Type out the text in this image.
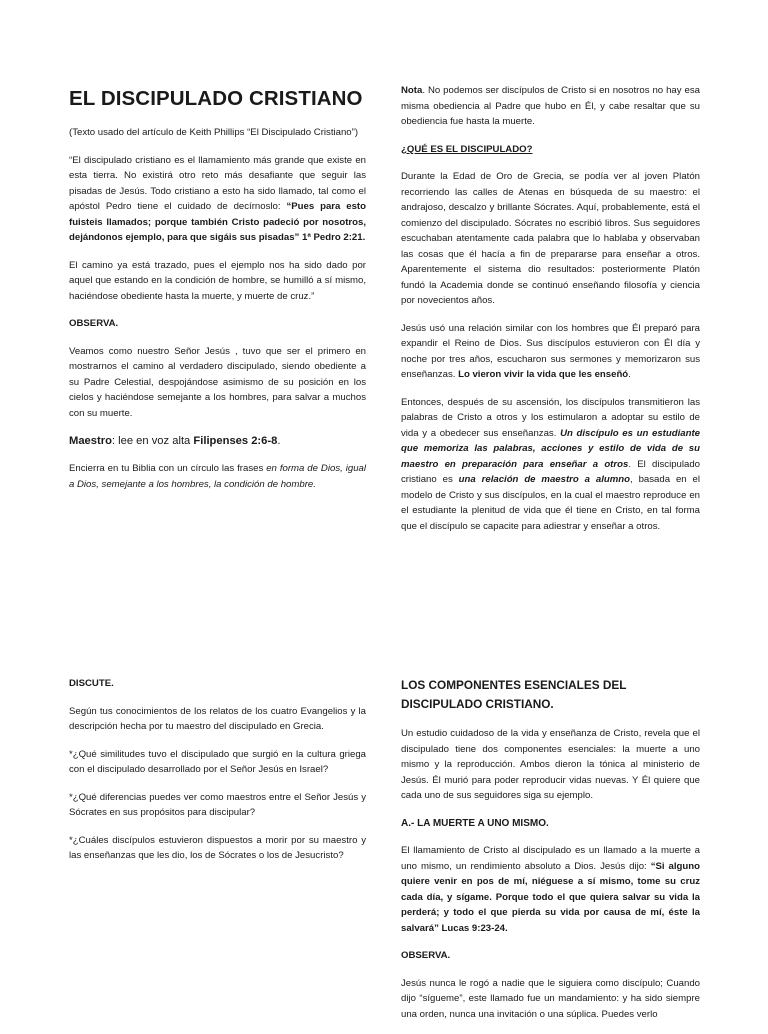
EL DISCIPULADO CRISTIANO

(Texto usado del artículo de Keith Phillips “El Discipulado Cristiano”)

“El discipulado cristiano es el llamamiento más grande que existe en esta tierra. No existirá otro reto más desafiante que seguir las pisadas de Jesús. Todo cristiano a esto ha sido llamado, tal como el apóstol Pedro tiene el cuidado de decírnoslo: “Pues para esto fuisteis llamados; porque también Cristo padeció por nosotros, dejándonos ejemplo, para que sigáis sus pisadas” 1ª Pedro 2:21.

El camino ya está trazado, pues el ejemplo nos ha sido dado por aquel que estando en la condición de hombre, se humilló a sí mismo, haciéndose obediente hasta la muerte, y muerte de cruz.”

OBSERVA.

Veamos como nuestro Señor Jesús , tuvo que ser el primero en mostrarnos el camino al verdadero discipulado, siendo obediente a su Padre Celestial, despojándose asimismo de su posición en los cielos y haciéndose semejante a los hombres, para salvar a muchos con su muerte.

Maestro: lee en voz alta Filipenses 2:6-8.

Encierra en tu Biblia con un círculo las frases en forma de Dios, igual a Dios, semejante a los hombres, la condición de hombre.

Nota. No podemos ser discípulos de Cristo si en nosotros no hay esa misma obediencia al Padre que hubo en Él, y cabe resaltar que su obediencia fue hasta la muerte.

¿QUÉ ES EL DISCIPULADO?

Durante la Edad de Oro de Grecia, se podía ver al joven Platón recorriendo las calles de Atenas en búsqueda de su maestro: el andrajoso, descalzo y brillante Sócrates. Aquí, probablemente, está el comienzo del discipulado. Sócrates no escribió libros. Sus seguidores escuchaban atentamente cada palabra que lo hablaba y observaban las cosas que él hacía a fin de prepararse para enseñar a otros. Aparentemente el sistema dio resultados: posteriormente Platón fundó la Academia donde se continuó enseñando filosofía y ciencia por novecientos años.

Jesús usó una relación similar con los hombres que Él preparó para expandir el Reino de Dios. Sus discípulos estuvieron con Él día y noche por tres años, escucharon sus sermones y memorizaron sus enseñanzas. Lo vieron vivir la vida que les enseñó.

Entonces, después de su ascensión, los discípulos transmitieron las palabras de Cristo a otros y los estimularon a adoptar su estilo de vida y a obedecer sus enseñanzas. Un discípulo es un estudiante que memoriza las palabras, acciones y estilo de vida de su maestro en preparación para enseñar a otros. El discipulado cristiano es una relación de maestro a alumno, basada en el modelo de Cristo y sus discípulos, en la cual el maestro reproduce en el estudiante la plenitud de vida que él tiene en Cristo, en tal forma que el discípulo se capacite para adiestrar y enseñar a otros.

DISCUTE.

Según tus conocimientos de los relatos de los cuatro Evangelios y la descripción hecha por tu maestro del discipulado en Grecia.

*¿Qué similitudes tuvo el discipulado que surgió en la cultura griega con el discipulado desarrollado por el Señor Jesús en Israel?

*¿Qué diferencias puedes ver como maestros entre el Señor Jesús y Sócrates en sus propósitos para discipular?

*¿Cuáles discípulos estuvieron dispuestos a morir por su maestro y las enseñanzas que les dio, los de Sócrates o los de Jesucristo?

LOS COMPONENTES ESENCIALES DEL DISCIPULADO CRISTIANO.

Un estudio cuidadoso de la vida y enseñanza de Cristo, revela que el discipulado tiene dos componentes esenciales: la muerte a uno mismo y la reproducción. Ambos dieron la tónica al ministerio de Jesús. Él murió para poder reproducir vidas nuevas. Y Él quiere que cada uno de sus seguidores siga su ejemplo.

A.- LA MUERTE A UNO MISMO.

El llamamiento de Cristo al discipulado es un llamado a la muerte a uno mismo, un rendimiento absoluto a Dios. Jesús dijo: “Si alguno quiere venir en pos de mí, niéguese a sí mismo, tome su cruz cada día, y sígame. Porque todo el que quiera salvar su vida la perderá; y todo el que pierda su vida por causa de mí, éste la salvará” Lucas 9:23-24.

OBSERVA.

Jesús nunca le rogó a nadie que le siguiera como discípulo; Cuando dijo “sígueme”, este llamado fue un mandamiento: y ha sido siempre una orden, nunca una invitación o una súplica. Puedes verlo
